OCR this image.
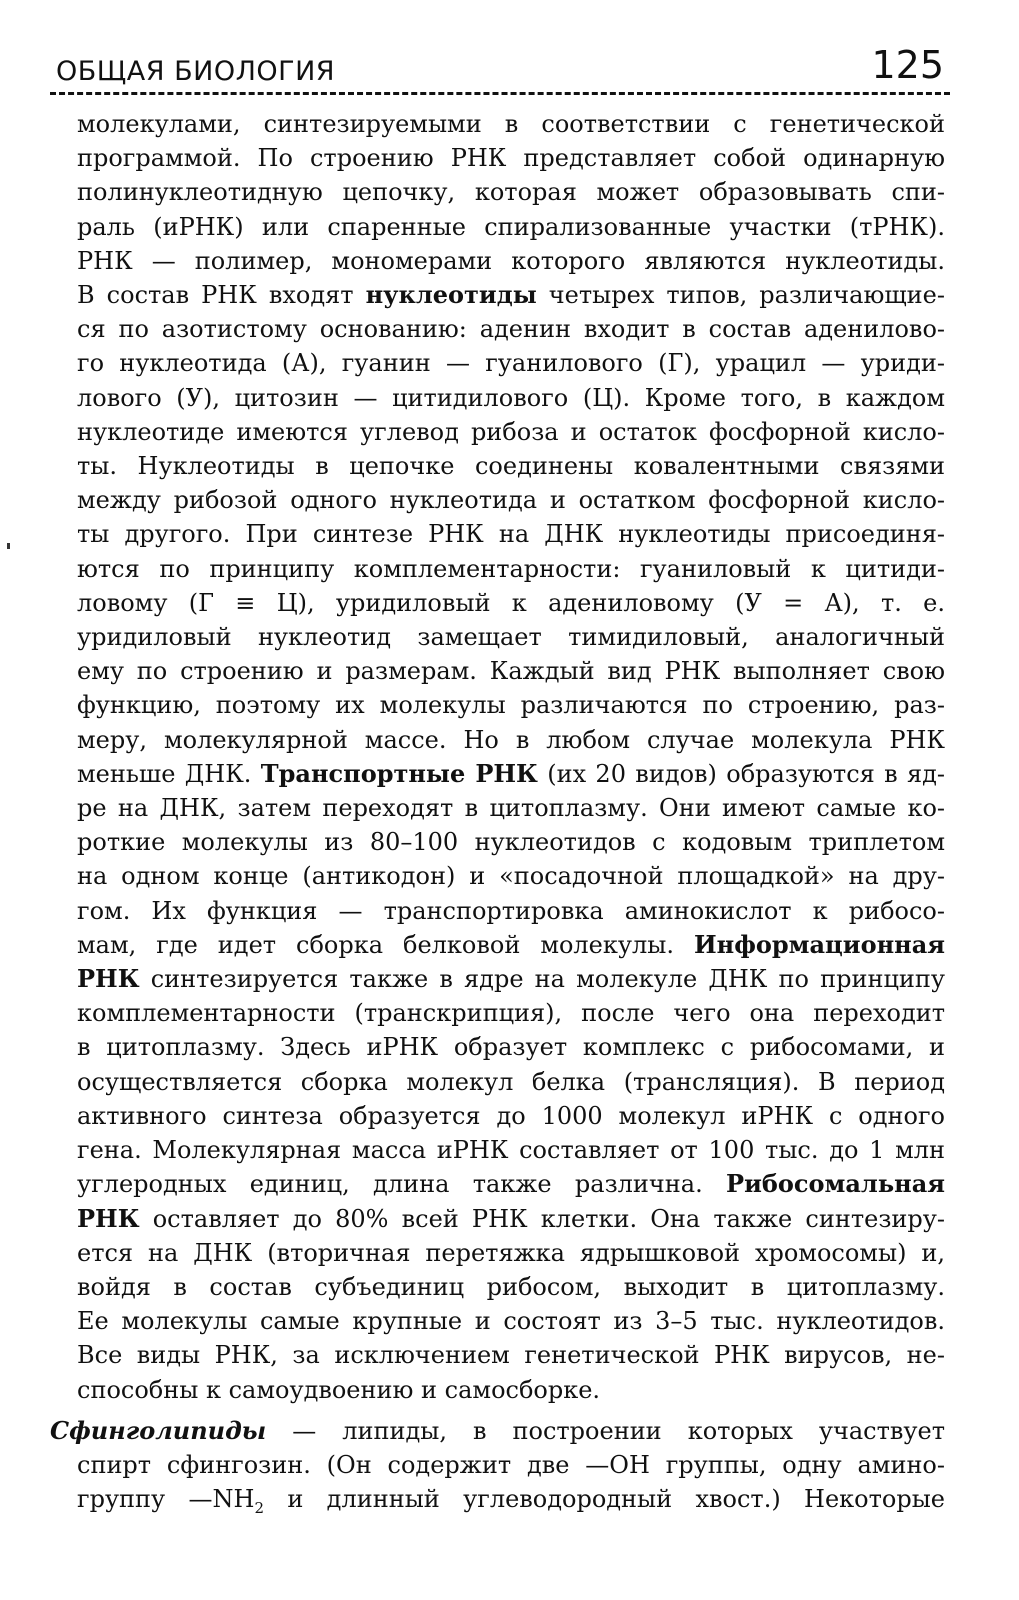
ОБЩАЯ БИОЛОГИЯ	125
молекулами, синтезируемыми в соответствии с генетической
программой. По строению РНК представляет собой одинарную
полинуклеотидную цепочку, которая может образовывать спи-
раль (иРНК) или спаренные спирализованные участки (тРНК).
РНК — полимер, мономерами которого являются нуклеотиды.
В состав РНК входят нуклеотиды четырех типов, различающие-
ся по азотистому основанию: аденин входит в состав аденилово-
го нуклеотида (А), гуанин — гуанилового (Г), урацил — уриди-
лового (У), цитозин — цитидилового (Ц). Кроме того, в каждом
нуклеотиде имеются углевод рибоза и остаток фосфорной кисло-
ты. Нуклеотиды в цепочке соединены ковалентными связями
между рибозой одного нуклеотида и остатком фосфорной кисло-
ты другого. При синтезе РНК на ДНК нуклеотиды присоединя-
ются по принципу комплементарности: гуаниловый к цитиди-
ловому (Г ≡ Ц), уридиловый к адениловому (У = А), т. е.
уридиловый нуклеотид замещает тимидиловый, аналогичный
ему по строению и размерам. Каждый вид РНК выполняет свою
функцию, поэтому их молекулы различаются по строению, раз-
меру, молекулярной массе. Но в любом случае молекула РНК
меньше ДНК. Транспортные РНК (их 20 видов) образуются в яд-
ре на ДНК, затем переходят в цитоплазму. Они имеют самые ко-
роткие молекулы из 80–100 нуклеотидов с кодовым триплетом
на одном конце (антикодон) и «посадочной площадкой» на дру-
гом. Их функция — транспортировка аминокислот к рибосо-
мам, где идет сборка белковой молекулы. Информационная
РНК синтезируется также в ядре на молекуле ДНК по принципу
комплементарности (транскрипция), после чего она переходит
в цитоплазму. Здесь иРНК образует комплекс с рибосомами, и
осуществляется сборка молекул белка (трансляция). В период
активного синтеза образуется до 1000 молекул иРНК с одного
гена. Молекулярная масса иРНК составляет от 100 тыс. до 1 млн
углеродных единиц, длина также различна. Рибосомальная
РНК оставляет до 80% всей РНК клетки. Она также синтезиру-
ется на ДНК (вторичная перетяжка ядрышковой хромосомы) и,
войдя в состав субъединиц рибосом, выходит в цитоплазму.
Ее молекулы самые крупные и состоят из 3–5 тыс. нуклеотидов.
Все виды РНК, за исключением генетической РНК вирусов, не-
способны к самоудвоению и самосборке.
Сфинголипиды — липиды, в построении которых участвует
спирт сфингозин. (Он содержит две —ОН группы, одну амино-
группу $—NH_2$ и длинный углеводородный хвост.) Некоторые
